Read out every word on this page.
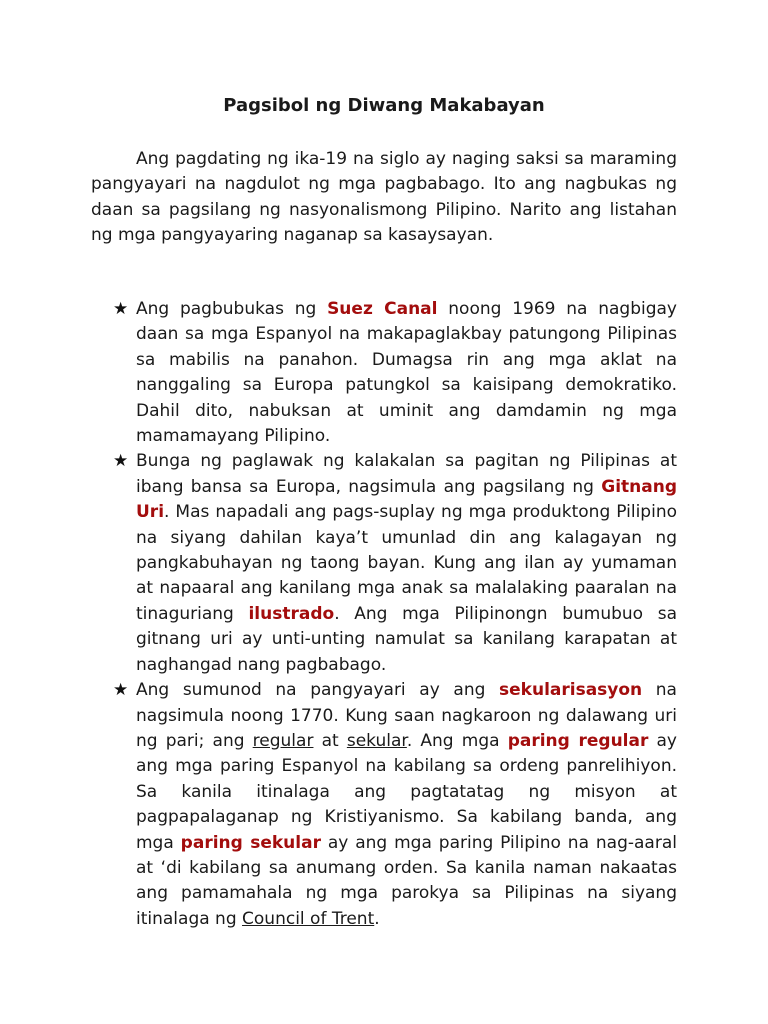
Pagsibol ng Diwang Makabayan

Ang pagdating ng ika-19 na siglo ay naging saksi sa maraming pangyayari na nagdulot ng mga pagbabago. Ito ang nagbukas ng daan sa pagsilang ng nasyonalismong Pilipino. Narito ang listahan ng mga pangyayaring naganap sa kasaysayan.

★ Ang pagbubukas ng Suez Canal noong 1969 na nagbigay daan sa mga Espanyol na makapaglakbay patungong Pilipinas sa mabilis na panahon. Dumagsa rin ang mga aklat na nanggaling sa Europa patungkol sa kaisipang demokratiko. Dahil dito, nabuksan at uminit ang damdamin ng mga mamamayang Pilipino.
★ Bunga ng paglawak ng kalakalan sa pagitan ng Pilipinas at ibang bansa sa Europa, nagsimula ang pagsilang ng Gitnang Uri. Mas napadali ang pags-suplay ng mga produktong Pilipino na siyang dahilan kaya’t umunlad din ang kalagayan ng pangkabuhayan ng taong bayan. Kung ang ilan ay yumaman at napaaral ang kanilang mga anak sa malalaking paaralan na tinaguriang ilustrado. Ang mga Pilipinongn bumubuo sa gitnang uri ay unti-unting namulat sa kanilang karapatan at naghangad nang pagbabago.
★ Ang sumunod na pangyayari ay ang sekularisasyon na nagsimula noong 1770. Kung saan nagkaroon ng dalawang uri ng pari; ang regular at sekular. Ang mga paring regular ay ang mga paring Espanyol na kabilang sa ordeng panrelihiyon. Sa kanila itinalaga ang pagtatatag ng misyon at pagpapalaganap ng Kristiyanismo. Sa kabilang banda, ang mga paring sekular ay ang mga paring Pilipino na nag-aaral at ‘di kabilang sa anumang orden. Sa kanila naman nakaatas ang pamamahala ng mga parokya sa Pilipinas na siyang itinalaga ng Council of Trent.
